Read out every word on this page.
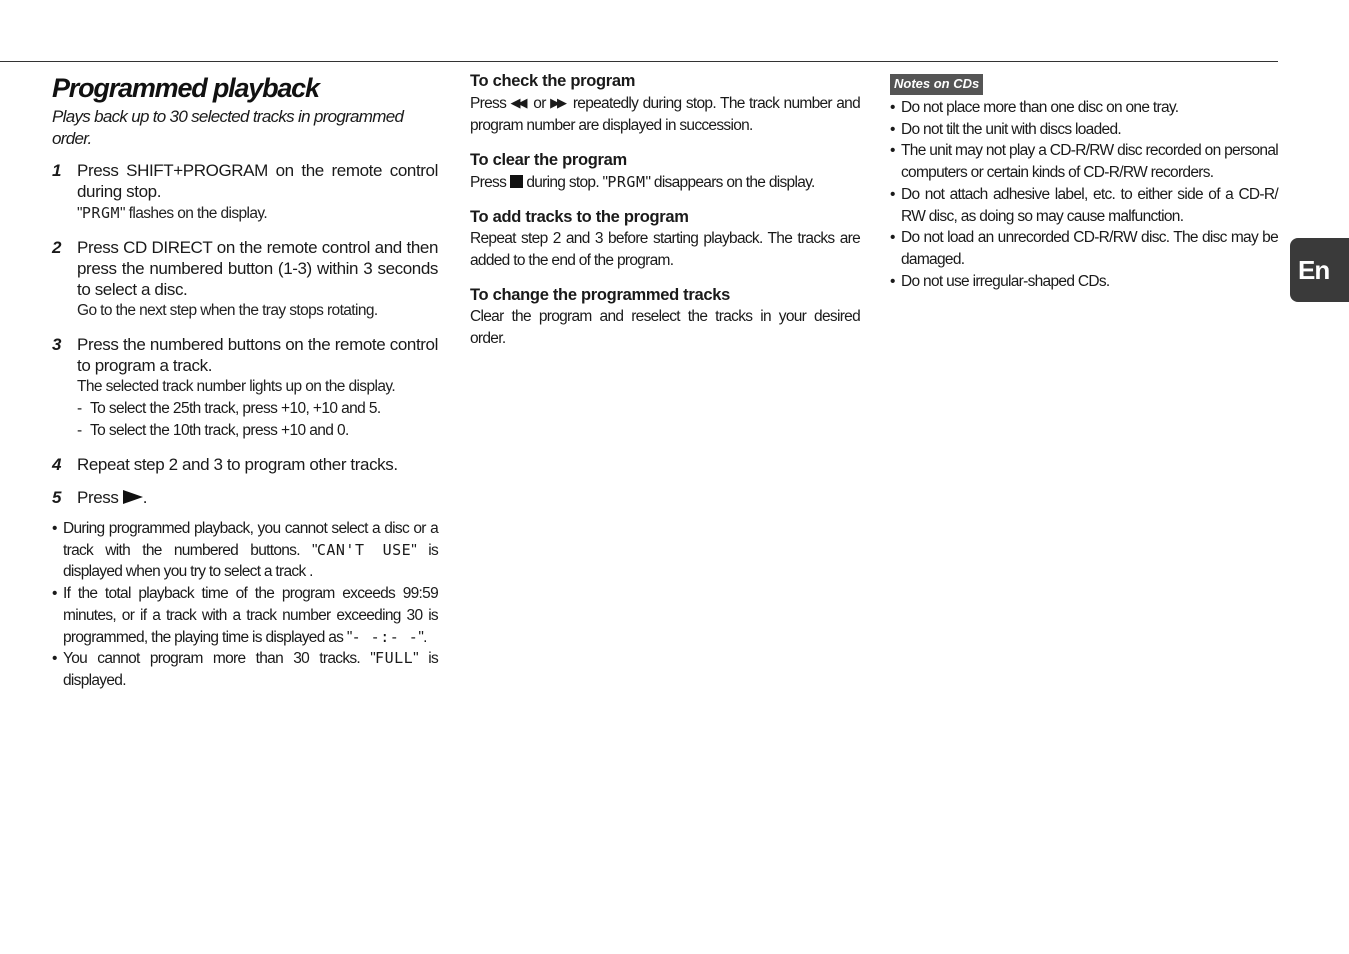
Programmed playback
Plays back up to 30 selected tracks in programmed order.
1 Press SHIFT+PROGRAM on the remote control during stop.
"PRGM" flashes on the display.
2 Press CD DIRECT on the remote control and then press the numbered button (1-3) within 3 seconds to select a disc.
Go to the next step when the tray stops rotating.
3 Press the numbered buttons on the remote control to program a track.
The selected track number lights up on the display.
- To select the 25th track, press +10, +10 and 5.
- To select the 10th track, press +10 and 0.
4 Repeat step 2 and 3 to program other tracks.
5 Press .
• During programmed playback, you cannot select a disc or a track with the numbered buttons. "CAN'T USE" is displayed when you try to select a track .
• If the total playback time of the program exceeds 99:59 minutes, or if a track with a track number exceeding 30 is programmed, the playing time is displayed as "- -:- -".
• You cannot program more than 30 tracks. "FULL" is displayed.
To check the program
Press ◀◀ or ▶▶ repeatedly during stop. The track number and program number are displayed in succession.
To clear the program
Press during stop. "PRGM" disappears on the display.
To add tracks to the program
Repeat step 2 and 3 before starting playback. The tracks are added to the end of the program.
To change the programmed tracks
Clear the program and reselect the tracks in your desired order.
Notes on CDs
• Do not place more than one disc on one tray.
• Do not tilt the unit with discs loaded.
• The unit may not play a CD-R/RW disc recorded on personal computers or certain kinds of CD-R/RW recorders.
• Do not attach adhesive label, etc. to either side of a CD-R/ RW disc, as doing so may cause malfunction.
• Do not load an unrecorded CD-R/RW disc. The disc may be damaged.
• Do not use irregular-shaped CDs.	En
